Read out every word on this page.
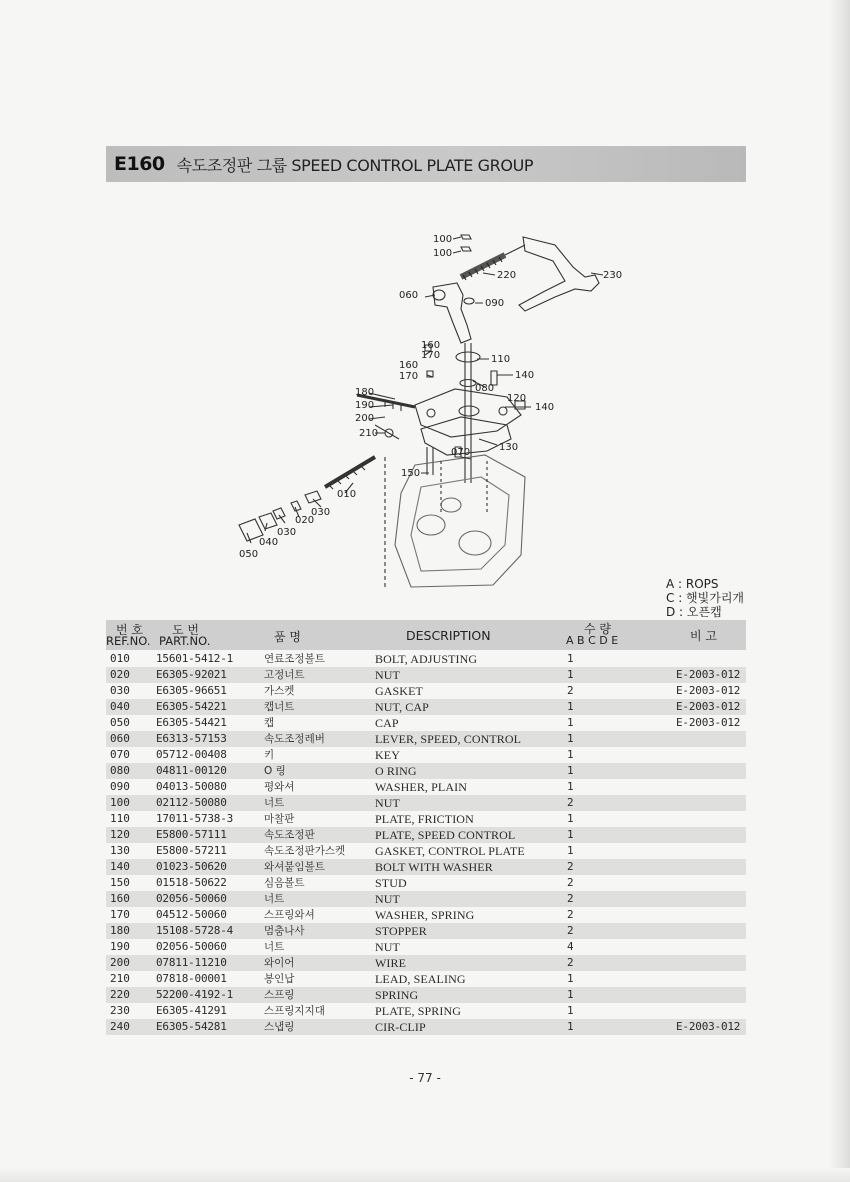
E160 속도조정판 그룹 SPEED CONTROL PLATE GROUP
100
100
220	230
060
090
160
170	110
160
170	140
080
180
190
200
120
140
210
070	130
150
010
030
020
030
040
050
A : ROPS
C : 햇빛가리개
D : 오픈캡
번 호 도 번
REF.NO. PART.NO.	품 명	DESCRIPTION	수 량
A B C D E	비 고
010 15601-5412-1	연료조정볼트	BOLT, ADJUSTING	1
020 E6305-92021	고정너트	NUT	1	E-2003-012
030 E6305-96651	가스켓	GASKET	2	E-2003-012
040 E6305-54221	캡너트	NUT, CAP	1	E-2003-012
050 E6305-54421	캡	CAP	1	E-2003-012
060 E6313-57153	속도조정레버	LEVER, SPEED, CONTROL	1
070 05712-00408	키	KEY	1
080 04811-00120	O 링	O RING	1
090 04013-50080	평와셔	WASHER, PLAIN	1
100 02112-50080	너트	NUT	2
110 17011-5738-3	마찰판	PLATE, FRICTION	1
120 E5800-57111	속도조정판	PLATE, SPEED CONTROL	1
130 E5800-57211	속도조정판가스켓 GASKET, CONTROL PLATE	1
140 01023-50620	와셔붙임볼트	BOLT WITH WASHER	2
150 01518-50622	심음볼트	STUD	2
160 02056-50060	너트	NUT	2
170 04512-50060	스프링와셔	WASHER, SPRING	2
180 15108-5728-4	멈춤나사	STOPPER	2
190 02056-50060	너트	NUT	4
200 07811-11210	와이어	WIRE	2
210 07818-00001	봉인납	LEAD, SEALING	1
220 52200-4192-1	스프링	SPRING	1
230 E6305-41291	스프링지지대	PLATE, SPRING	1
240 E6305-54281	스냅링	CIR-CLIP	1	E-2003-012
- 77 -
